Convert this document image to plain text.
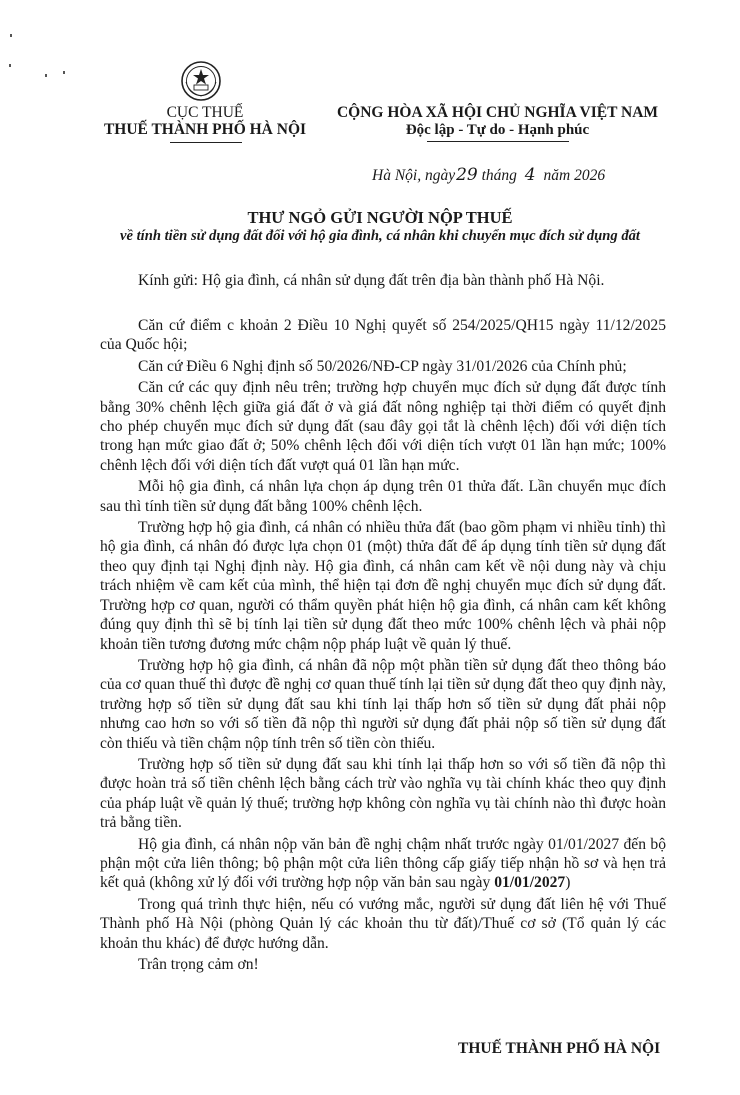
CỤC THUẾ
THUẾ THÀNH PHỐ HÀ NỘI
CỘNG HÒA XÃ HỘI CHỦ NGHĨA VIỆT NAM
Độc lập - Tự do - Hạnh phúc
Hà Nội, ngày29 tháng 4 năm 2026
THƯ NGỎ GỬI NGƯỜI NỘP THUẾ
về tính tiền sử dụng đất đối với hộ gia đình, cá nhân khi chuyển mục đích sử dụng đất
Kính gửi: Hộ gia đình, cá nhân sử dụng đất trên địa bàn thành phố Hà Nội.

Căn cứ điểm c khoản 2 Điều 10 Nghị quyết số 254/2025/QH15 ngày 11/12/2025 của Quốc hội;

Căn cứ Điều 6 Nghị định số 50/2026/NĐ-CP ngày 31/01/2026 của Chính phủ;

Căn cứ các quy định nêu trên; trường hợp chuyển mục đích sử dụng đất được tính bằng 30% chênh lệch giữa giá đất ở và giá đất nông nghiệp tại thời điểm có quyết định cho phép chuyển mục đích sử dụng đất (sau đây gọi tắt là chênh lệch) đối với diện tích trong hạn mức giao đất ở; 50% chênh lệch đối với diện tích vượt 01 lần hạn mức; 100% chênh lệch đối với diện tích đất vượt quá 01 lần hạn mức.

Mỗi hộ gia đình, cá nhân lựa chọn áp dụng trên 01 thửa đất. Lần chuyển mục đích sau thì tính tiền sử dụng đất bằng 100% chênh lệch.

Trường hợp hộ gia đình, cá nhân có nhiều thửa đất (bao gồm phạm vi nhiều tỉnh) thì hộ gia đình, cá nhân đó được lựa chọn 01 (một) thửa đất để áp dụng tính tiền sử dụng đất theo quy định tại Nghị định này. Hộ gia đình, cá nhân cam kết về nội dung này và chịu trách nhiệm về cam kết của mình, thể hiện tại đơn đề nghị chuyển mục đích sử dụng đất. Trường hợp cơ quan, người có thẩm quyền phát hiện hộ gia đình, cá nhân cam kết không đúng quy định thì sẽ bị tính lại tiền sử dụng đất theo mức 100% chênh lệch và phải nộp khoản tiền tương đương mức chậm nộp pháp luật về quản lý thuế.

Trường hợp hộ gia đình, cá nhân đã nộp một phần tiền sử dụng đất theo thông báo của cơ quan thuế thì được đề nghị cơ quan thuế tính lại tiền sử dụng đất theo quy định này, trường hợp số tiền sử dụng đất sau khi tính lại thấp hơn số tiền sử dụng đất phải nộp nhưng cao hơn so với số tiền đã nộp thì người sử dụng đất phải nộp số tiền sử dụng đất còn thiếu và tiền chậm nộp tính trên số tiền còn thiếu.

Trường hợp số tiền sử dụng đất sau khi tính lại thấp hơn so với số tiền đã nộp thì được hoàn trả số tiền chênh lệch bằng cách trừ vào nghĩa vụ tài chính khác theo quy định của pháp luật về quản lý thuế; trường hợp không còn nghĩa vụ tài chính nào thì được hoàn trả bằng tiền.

Hộ gia đình, cá nhân nộp văn bản đề nghị chậm nhất trước ngày 01/01/2027 đến bộ phận một cửa liên thông; bộ phận một cửa liên thông cấp giấy tiếp nhận hồ sơ và hẹn trả kết quả (không xử lý đối với trường hợp nộp văn bản sau ngày 01/01/2027)

Trong quá trình thực hiện, nếu có vướng mắc, người sử dụng đất liên hệ với Thuế Thành phố Hà Nội (phòng Quản lý các khoản thu từ đất)/Thuế cơ sở (Tổ quản lý các khoản thu khác) để được hướng dẫn.

Trân trọng cảm ơn!

THUẾ THÀNH PHỐ HÀ NỘI
